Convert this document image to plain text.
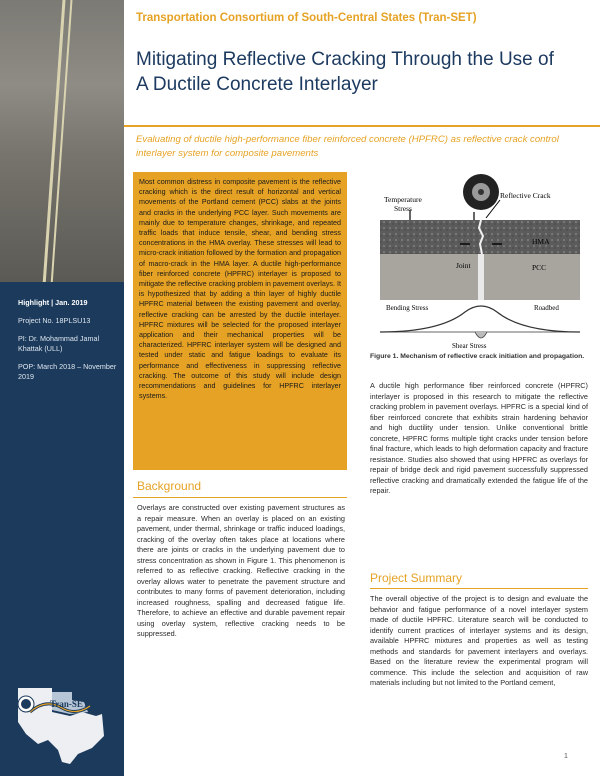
Highlight | Jan. 2019
Project No. 18PLSU13
PI: Dr. Mohammad Jamal Khattak (ULL)
POP: March 2018 – November 2019
Tran-SET
Transportation Consortium of South-Central States (Tran-SET)
Mitigating Reflective Cracking Through the Use of
A Ductile Concrete Interlayer
Evaluating of ductile high-performance fiber reinforced concrete (HPFRC) as reflective crack control interlayer system for composite pavements
Most common distress in composite pavement is the reflective cracking which is the direct result of horizontal and vertical movements of the Portland cement (PCC) slabs at the joints and cracks in the underlying PCC layer. Such movements are mainly due to temperature changes, shrinkage, and repeated traffic loads that induce tensile, shear, and bending stress concentrations in the HMA overlay. These stresses will lead to micro-crack initiation followed by the formation and propagation of macro-crack in the HMA layer. A ductile high-performance fiber reinforced concrete (HPFRC) interlayer is proposed to mitigate the reflective cracking problem in pavement overlays. It is hypothesized that by adding a thin layer of highly ductile HPFRC material between the existing pavement and overlay, reflective cracking can be arrested by the ductile interlayer. HPFRC mixtures will be selected for the proposed interlayer application and their mechanical properties will be characterized. HPFRC interlayer system will be designed and tested under static and fatigue loadings to evaluate its performance and effectiveness in suppressing reflective cracking. The outcome of this study will include design recommendations and guidelines for HPFRC interlayer systems.
Background
Overlays are constructed over existing pavement structures as a repair measure. When an overlay is placed on an existing pavement, under thermal, shrinkage or traffic induced loadings, cracking of the overlay often takes place at locations where there are joints or cracks in the underlying pavement due to stress concentration as shown in Figure 1. This phenomenon is referred to as reflective cracking. Reflective cracking in the overlay allows water to penetrate the pavement structure and contributes to many forms of pavement deterioration, including increased roughness, spalling and decreased fatigue life. Therefore, to achieve an effective and durable pavement repair using overlay system, reflective cracking needs to be suppressed.
Temperature
Stress
Reflective Crack
HMA
Joint	PCC
Bending Stress	Roadbed
Shear Stress
Figure 1. Mechanism of reflective crack initiation and propagation.
A ductile high performance fiber reinforced concrete (HPFRC) interlayer is proposed in this research to mitigate the reflective cracking problem in pavement overlays. HPFRC is a special kind of fiber reinforced concrete that exhibits strain hardening behavior and high ductility under tension. Unlike conventional brittle concrete, HPFRC forms multiple tight cracks under tension before final fracture, which leads to high deformation capacity and fracture resistance. Studies also showed that using HPFRC as overlays for repair of bridge deck and rigid pavement successfully suppressed reflective cracking and dramatically extended the fatigue life of the repair.
Project Summary
The overall objective of the project is to design and evaluate the behavior and fatigue performance of a novel interlayer system made of ductile HPFRC. Literature search will be conducted to identify current practices of interlayer systems and its design, available HPFRC mixtures and properties as well as testing methods and standards for pavement interlayers and overlays. Based on the literature review the experimental program will commence. This include the selection and acquisition of raw materials including but not limited to the Portland cement,
1
